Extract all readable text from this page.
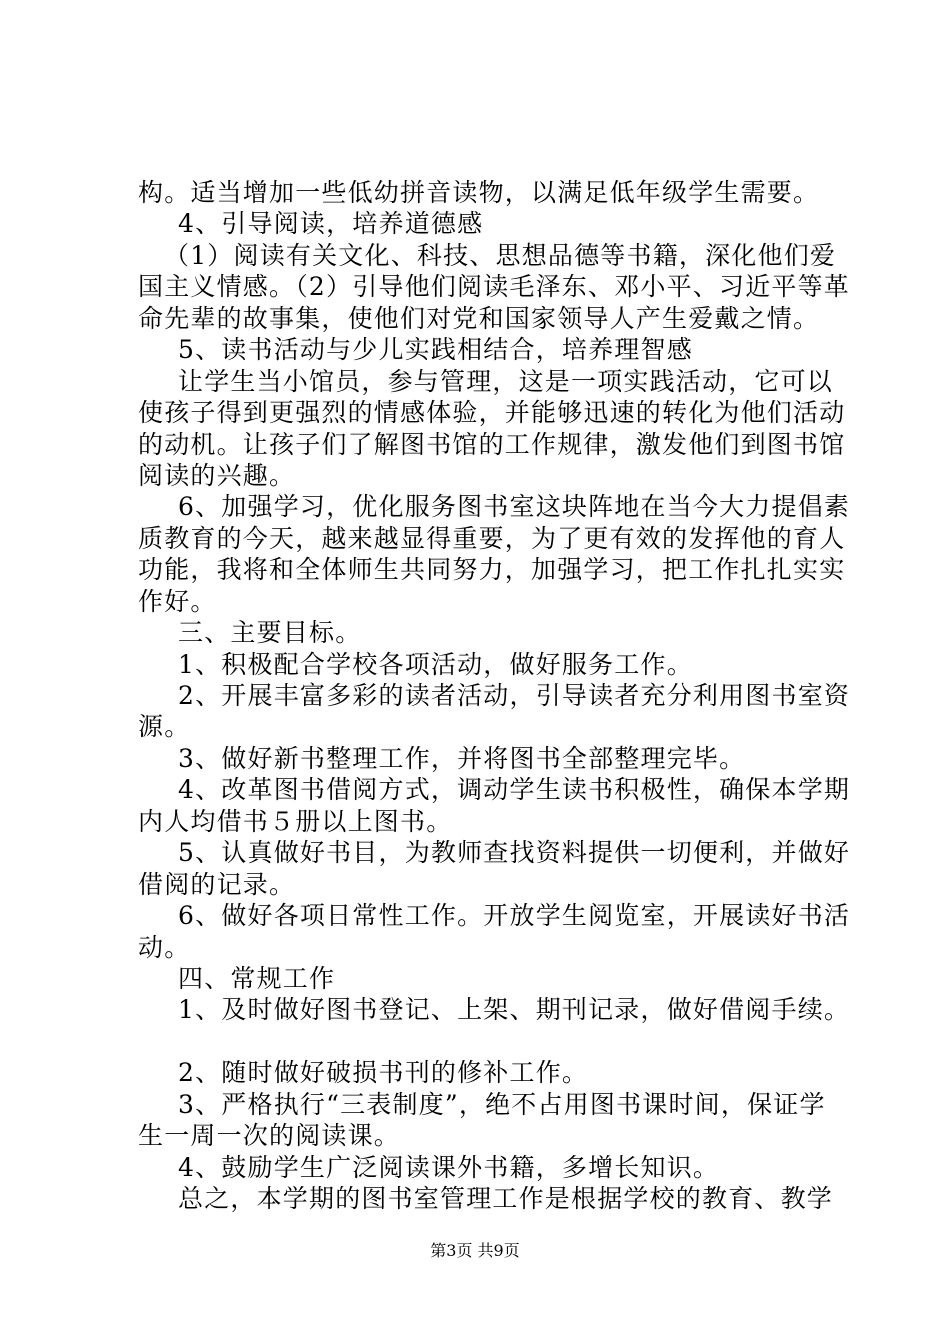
构。适当增加一些低幼拼音读物，以满足低年级学生需要。
4、引导阅读，培养道德感
（1）阅读有关文化、科技、思想品德等书籍，深化他们爱
国主义情感。（2）引导他们阅读毛泽东、邓小平、习近平等革
命先辈的故事集，使他们对党和国家领导人产生爱戴之情。
5、读书活动与少儿实践相结合，培养理智感
让学生当小馆员，参与管理，这是一项实践活动，它可以
使孩子得到更强烈的情感体验，并能够迅速的转化为他们活动
的动机。让孩子们了解图书馆的工作规律，激发他们到图书馆
阅读的兴趣。
6、加强学习，优化服务图书室这块阵地在当今大力提倡素
质教育的今天，越来越显得重要，为了更有效的发挥他的育人
功能，我将和全体师生共同努力，加强学习，把工作扎扎实实
作好。
三、主要目标。
1、积极配合学校各项活动，做好服务工作。
2、开展丰富多彩的读者活动，引导读者充分利用图书室资
源。
3、做好新书整理工作，并将图书全部整理完毕。
4、改革图书借阅方式，调动学生读书积极性，确保本学期
内人均借书５册以上图书。
5、认真做好书目，为教师查找资料提供一切便利，并做好
借阅的记录。
6、做好各项日常性工作。开放学生阅览室，开展读好书活
动。
四、常规工作
1、及时做好图书登记、上架、期刊记录，做好借阅手续。
2、随时做好破损书刊的修补工作。
3、严格执行“三表制度”，绝不占用图书课时间，保证学
生一周一次的阅读课。
4、鼓励学生广泛阅读课外书籍，多增长知识。
总之，本学期的图书室管理工作是根据学校的教育、教学
第3页 共9页
